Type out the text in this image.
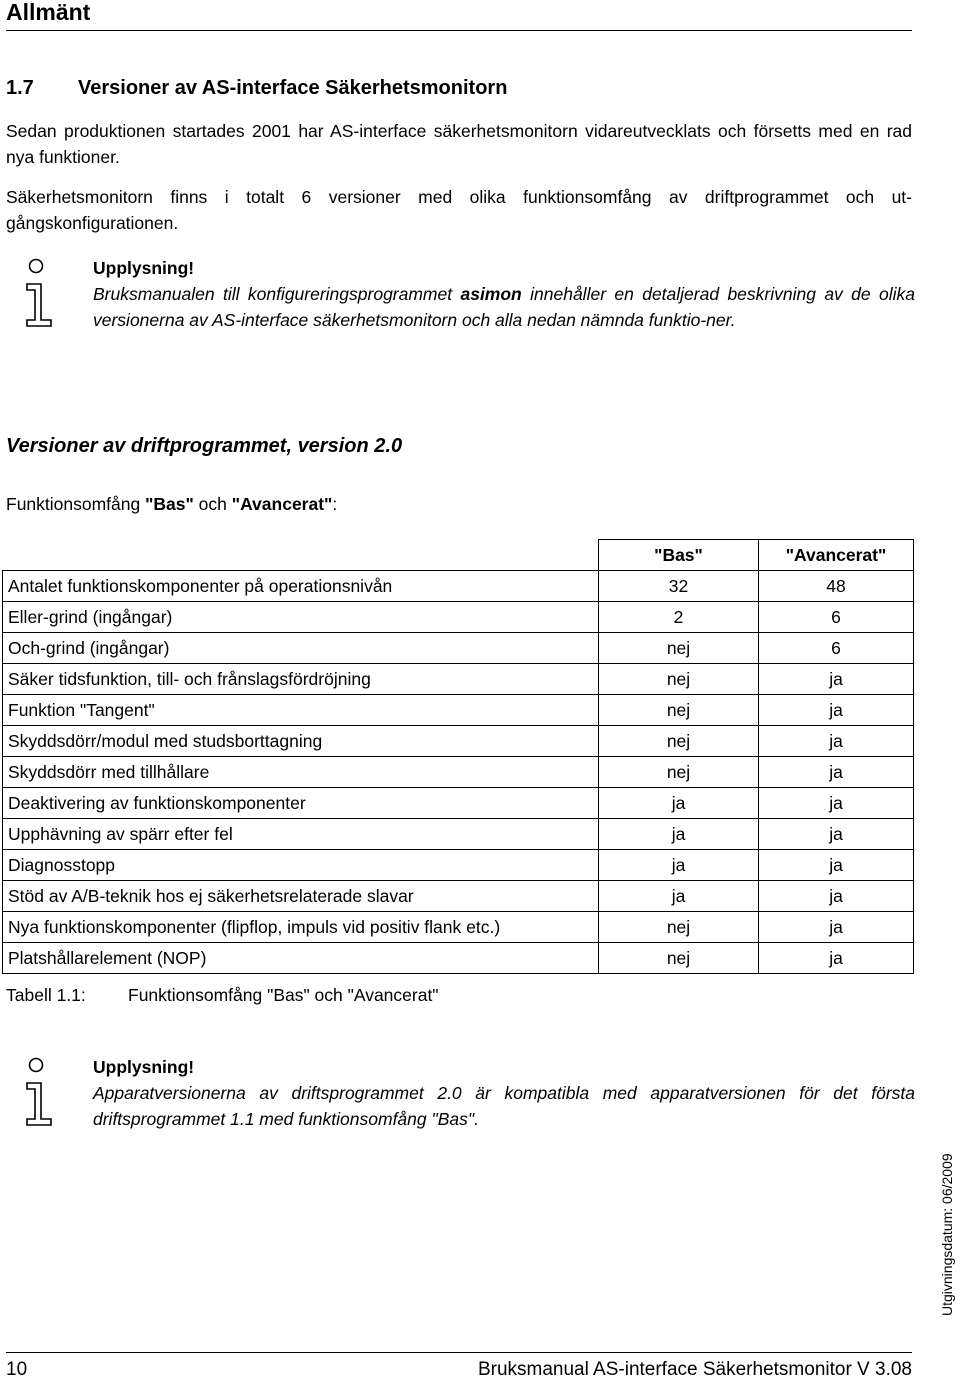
Allmänt
1.7 Versioner av AS-interface Säkerhetsmonitorn
Sedan produktionen startades 2001 har AS-interface säkerhetsmonitorn vidareutvecklats och försetts med en rad nya funktioner.
Säkerhetsmonitorn finns i totalt 6 versioner med olika funktionsomfång av driftprogrammet och ut-gångskonfigurationen.
Upplysning!
Bruksmanualen till konfigureringsprogrammet asimon innehåller en detaljerad beskrivning av de olika versionerna av AS-interface säkerhetsmonitorn och alla nedan nämnda funktio-ner.
Versioner av driftprogrammet, version 2.0
Funktionsomfång "Bas" och "Avancerat":
	"Bas"	"Avancerat"
Antalet funktionskomponenter på operationsnivån	32	48
Eller-grind (ingångar)	2	6
Och-grind (ingångar)	nej	6
Säker tidsfunktion, till- och frånslagsfördröjning	nej	ja
Funktion "Tangent"	nej	ja
Skyddsdörr/modul med studsborttagning	nej	ja
Skyddsdörr med tillhållare	nej	ja
Deaktivering av funktionskomponenter	ja	ja
Upphävning av spärr efter fel	ja	ja
Diagnosstopp	ja	ja
Stöd av A/B-teknik hos ej säkerhetsrelaterade slavar	ja	ja
Nya funktionskomponenter (flipflop, impuls vid positiv flank etc.)	nej	ja
Platshållarelement (NOP)	nej	ja
Tabell 1.1: Funktionsomfång "Bas" och "Avancerat"
Upplysning!
Apparatversionerna av driftsprogrammet 2.0 är kompatibla med apparatversionen för det första driftsprogrammet 1.1 med funktionsomfång "Bas".
Utgivningsdatum: 06/2009
10	Bruksmanual AS-interface Säkerhetsmonitor V 3.08
